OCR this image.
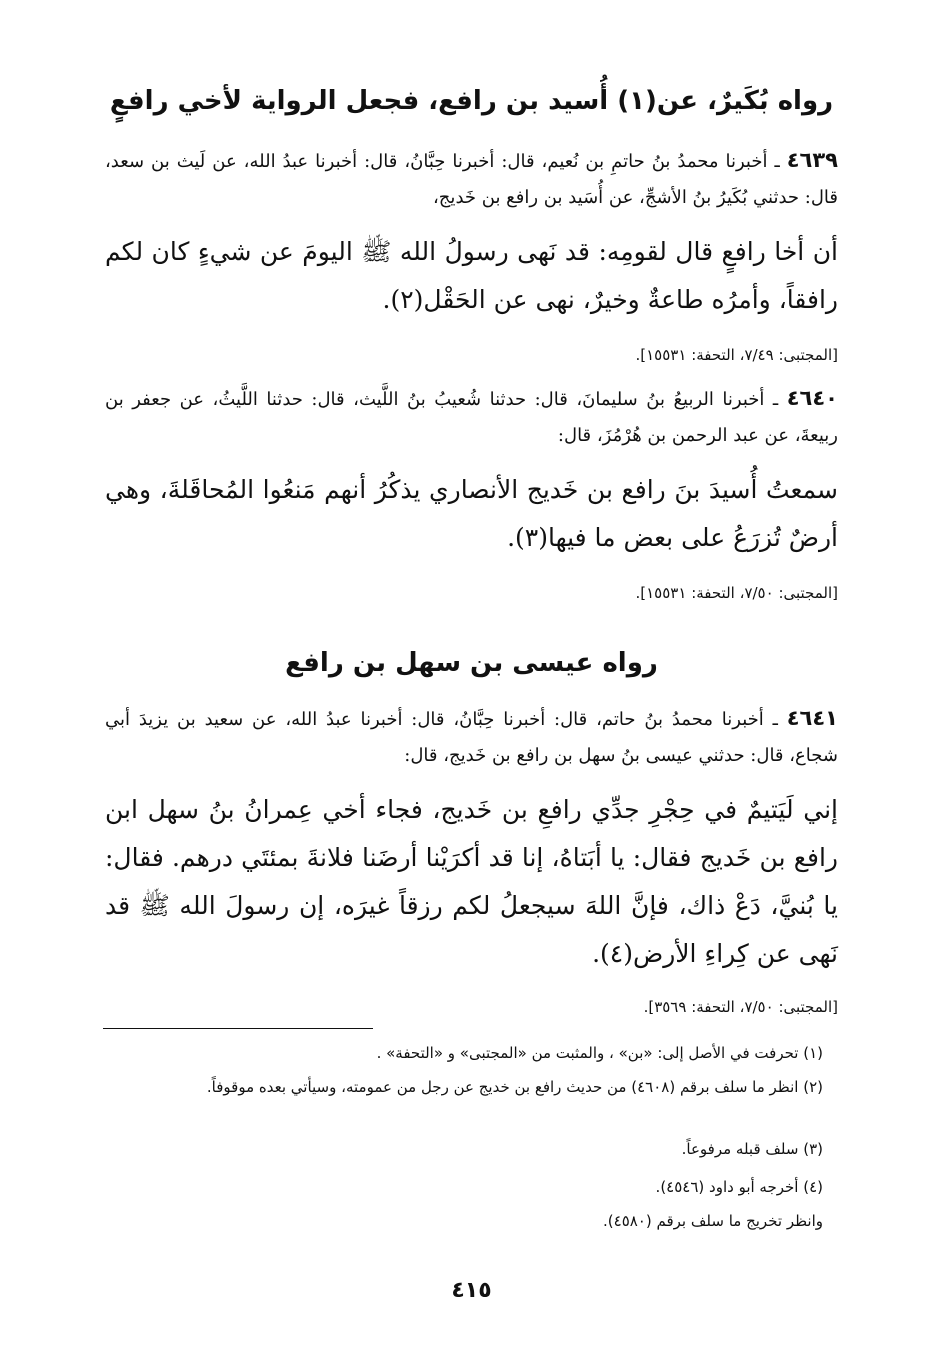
رواه بُكَيرٌ، عن(١) أُسيد بن رافع، فجعل الرواية لأخي رافعٍ

٤٦٣٩ ـ أخبرنا محمدُ بنُ حاتمِ بن نُعيم، قال: أخبرنا حِبَّانُ، قال: أخبرنا عبدُ الله، عن لَيث بن سعد، قال: حدثني بُكَيرُ بنُ الأشجِّ، عن أُسَيد بن رافع بن خَديج،

أن أخا رافعٍ قال لقومِه: قد نَهى رسولُ الله ﷺ اليومَ عن شيءٍ كان لكم رافقاً، وأمرُه طاعةٌ وخيرٌ، نهى عن الحَقْل(٢).

[المجتبى: ٧/٤٩، التحفة: ١٥٥٣١].

٤٦٤٠ ـ أخبرنا الربيعُ بنُ سليمانَ، قال: حدثنا شُعيبُ بنُ اللَّيث، قال: حدثنا اللَّيثُ، عن جعفر بن ربيعةَ، عن عبد الرحمن بن هُرْمُزَ، قال:

سمعتُ أُسيدَ بنَ رافع بن خَديج الأنصاري يذكُرُ أنهم مَنعُوا المُحاقَلةَ، وهي أرضٌ تُزرَعُ على بعض ما فيها(٣).

[المجتبى: ٧/٥٠، التحفة: ١٥٥٣١].
رواه عيسى بن سهل بن رافع

٤٦٤١ ـ أخبرنا محمدُ بنُ حاتم، قال: أخبرنا حِبَّانُ، قال: أخبرنا عبدُ الله، عن سعيد بن يزيدَ أبي شجاع، قال: حدثني عيسى بنُ سهل بن رافع بن خَديج، قال:

إني لَيَتيمٌ في حِجْرِ جدِّي رافعِ بن خَديج، فجاء أخي عِمرانُ بنُ سهل ابن رافع بن خَديج فقال: يا أبَتاهُ، إنا قد أكرَيْنا أرضَنا فلانةَ بمئتَي درهم. فقال: يا بُنيَّ، دَعْ ذاك، فإنَّ اللهَ سيجعلُ لكم رزقاً غيرَه، إن رسولَ الله ﷺ قد نَهى عن كِراءِ الأرض(٤).

[المجتبى: ٧/٥٠، التحفة: ٣٥٦٩].
(١) تحرفت في الأصل إلى: «بن» ، والمثبت من «المجتبى» و «التحفة» .
(٢) انظر ما سلف برقم (٤٦٠٨) من حديث رافع بن خديج عن رجل من عمومته، وسيأتي بعده موقوفاً.
(٣) سلف قبله مرفوعاً.
(٤) أخرجه أبو داود (٤٥٤٦).
وانظر تخريج ما سلف برقم (٤٥٨٠).
٤١٥
